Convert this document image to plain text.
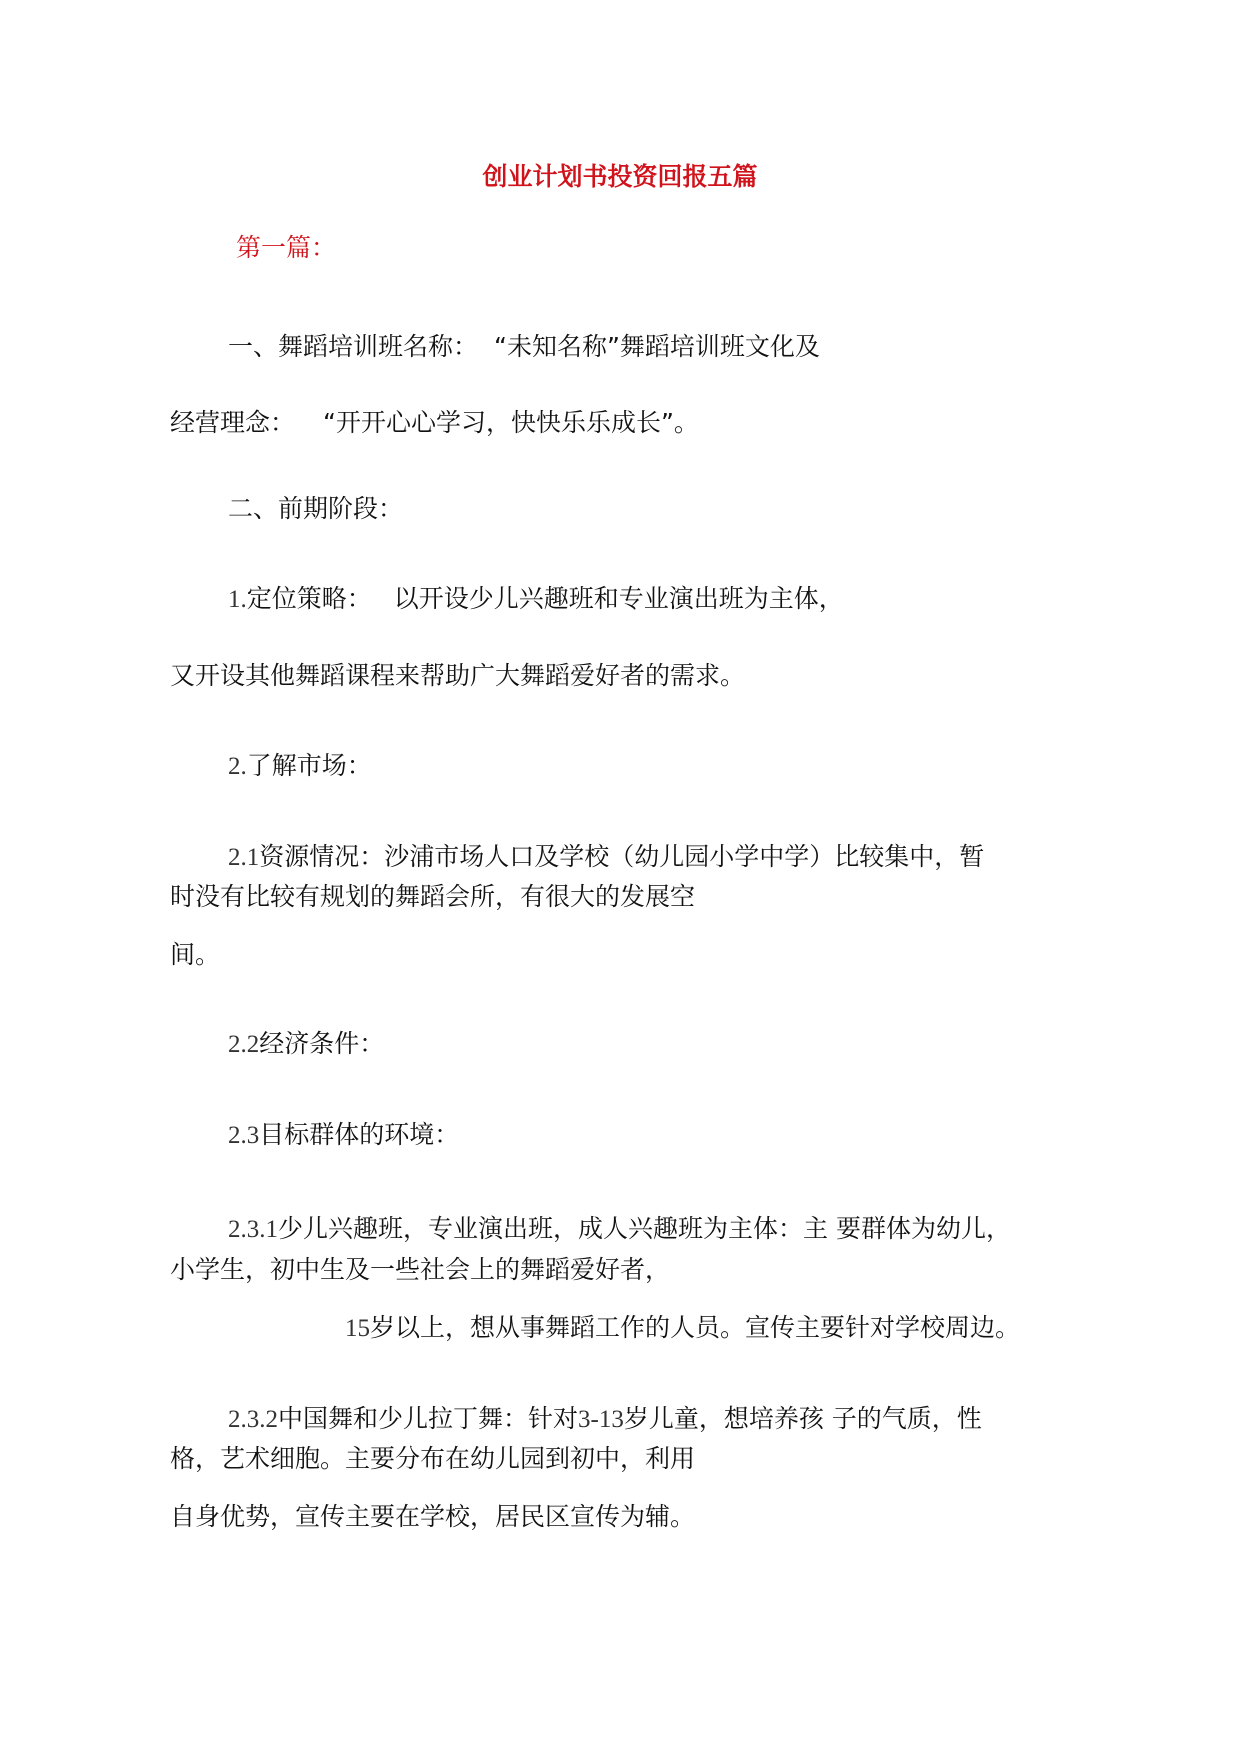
创业计划书投资回报五篇

第一篇：

一、舞蹈培训班名称： “未知名称”舞蹈培训班文化及

经营理念： “开开心心学习，快快乐乐成长”。

二、前期阶段：

1.定位策略： 以开设少儿兴趣班和专业演出班为主体，

又开设其他舞蹈课程来帮助广大舞蹈爱好者的需求。

2.了解市场：

2.1资源情况：沙浦市场人口及学校（幼儿园小学中学）比较集中，暂

时没有比较有规划的舞蹈会所，有很大的发展空

间。

2.2经济条件：

2.3目标群体的环境：

2.3.1少儿兴趣班，专业演出班，成人兴趣班为主体：主 要群体为幼儿，

小学生，初中生及一些社会上的舞蹈爱好者，

15岁以上，想从事舞蹈工作的人员。宣传主要针对学校周边。

2.3.2中国舞和少儿拉丁舞：针对3-13岁儿童，想培养孩 子的气质，性

格，艺术细胞。主要分布在幼儿园到初中，利用

自身优势，宣传主要在学校，居民区宣传为辅。
